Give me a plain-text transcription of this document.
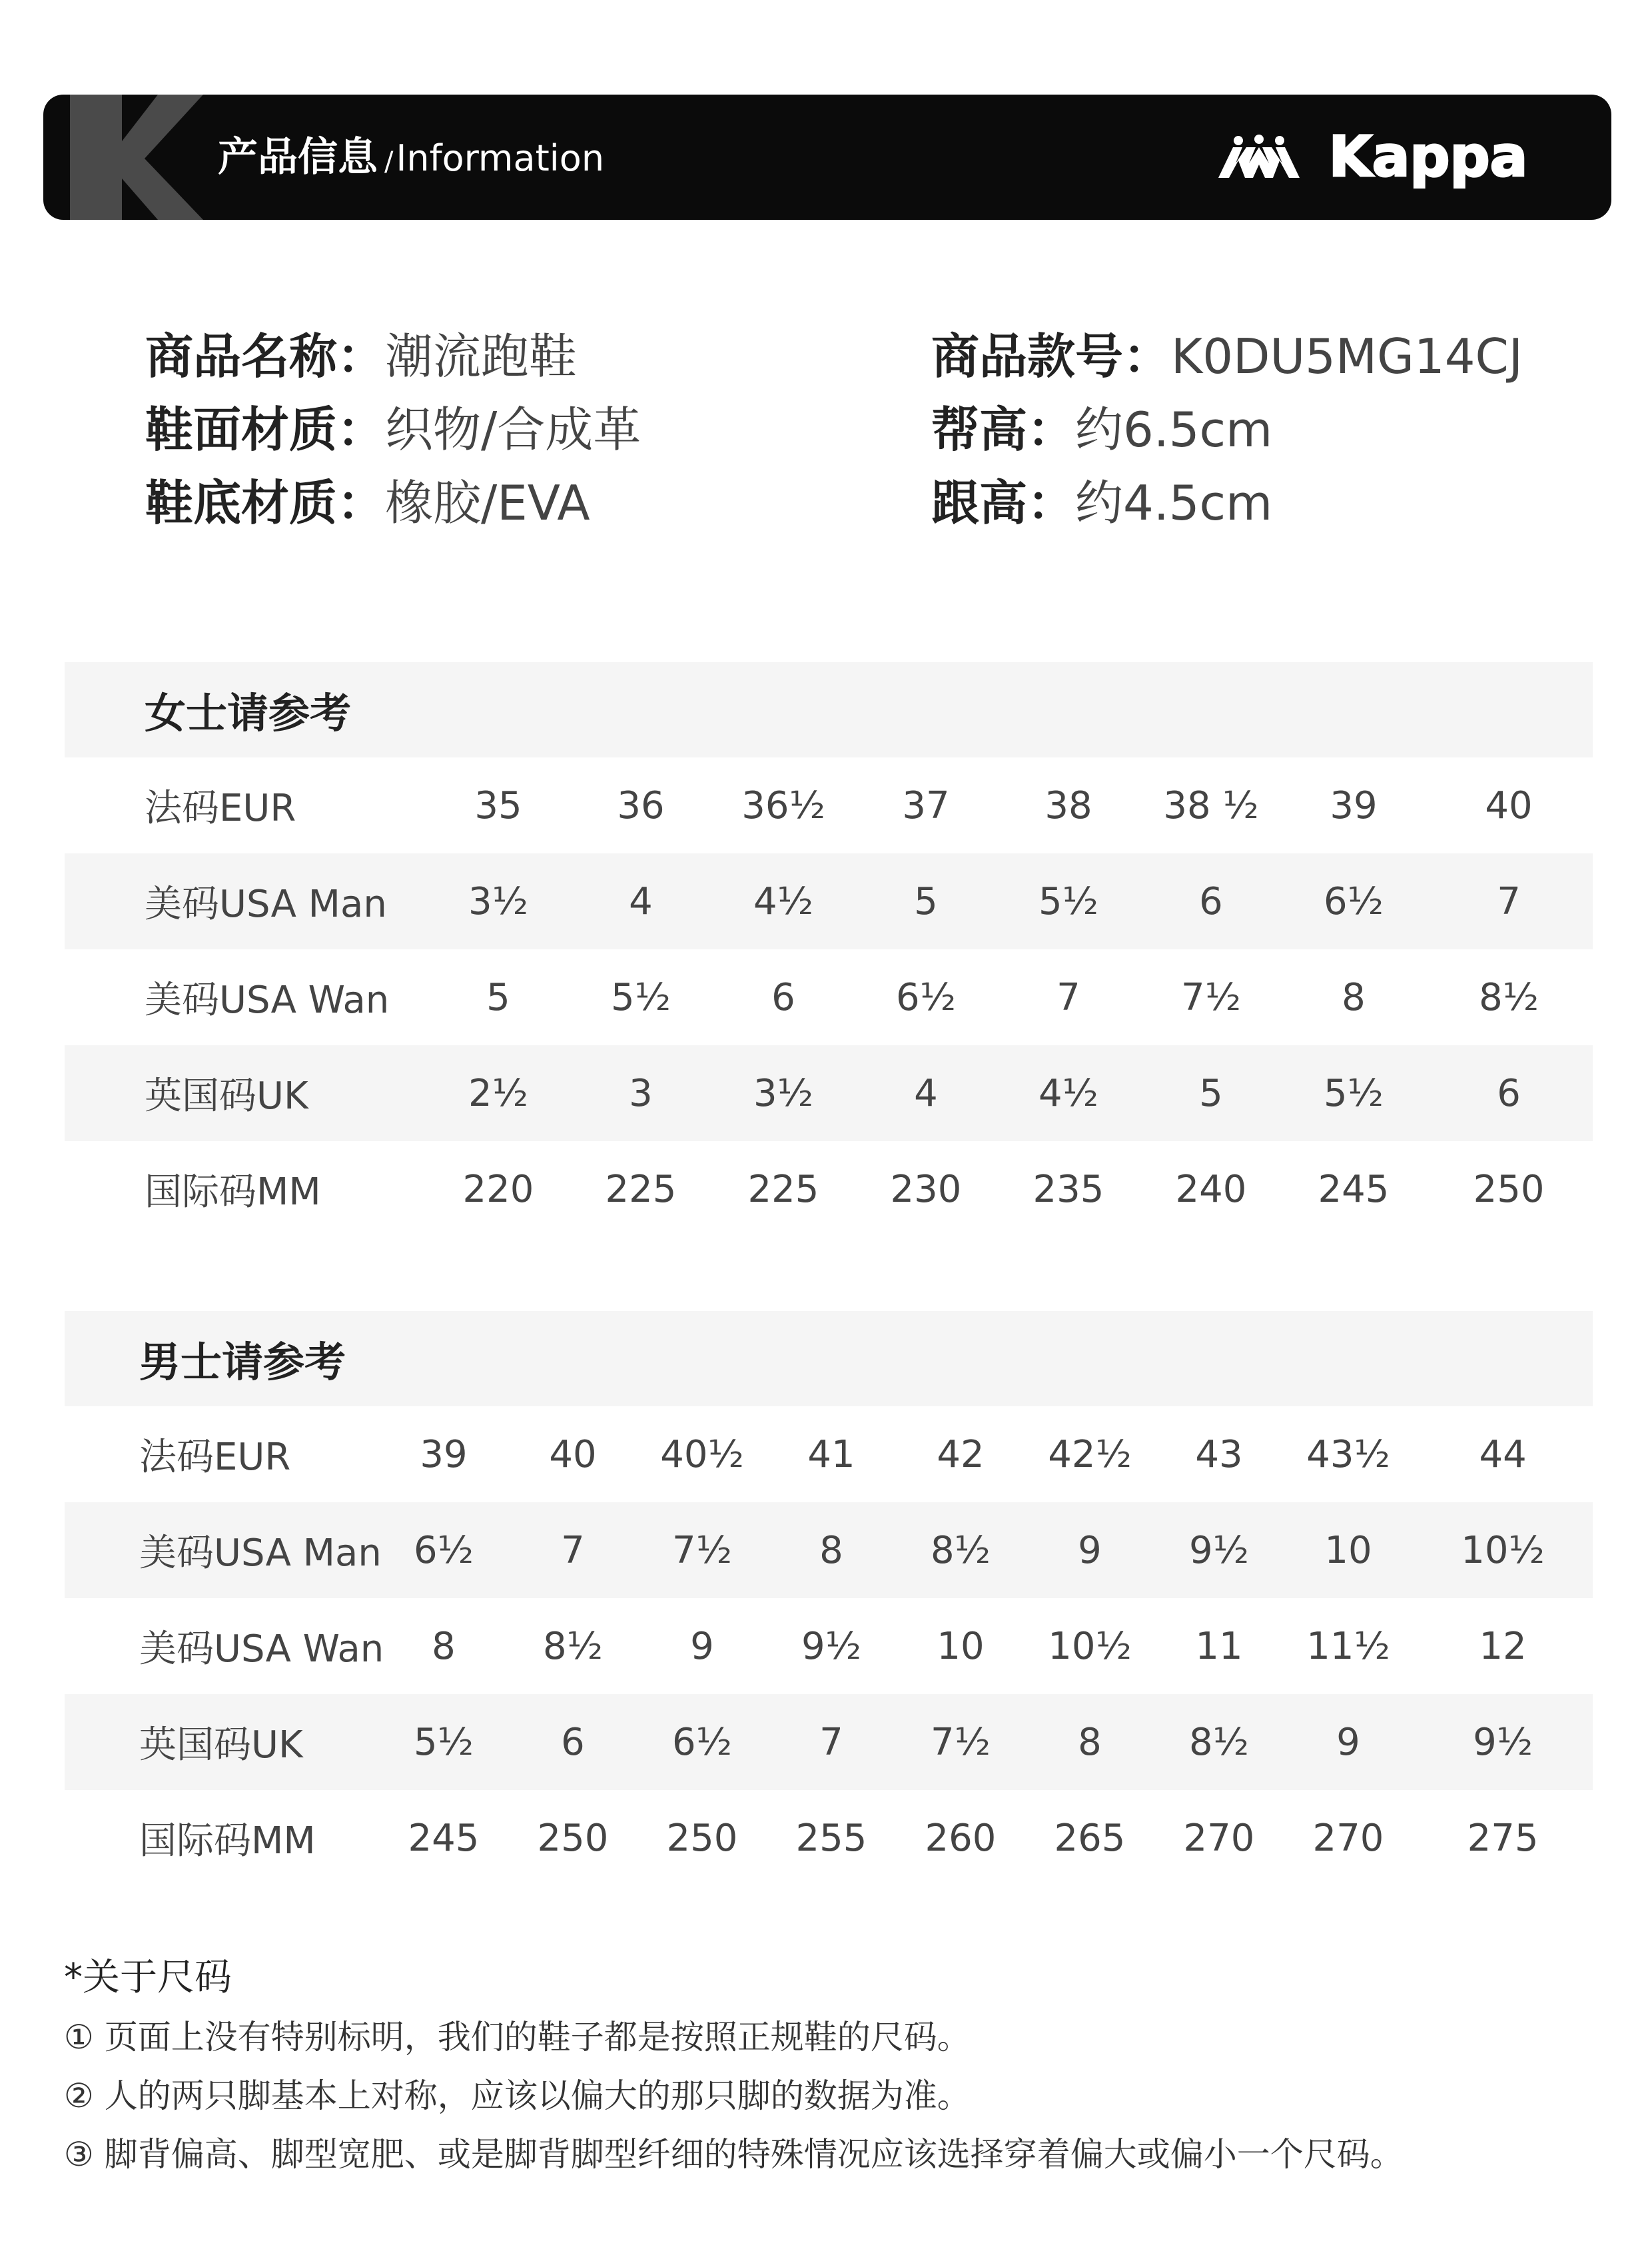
产品信息 /Information	Kappa
商品名称：潮流跑鞋
鞋面材质：织物/合成革
鞋底材质：橡胶/EVA
商品款号：K0DU5MG14CJ
帮高：约6.5cm
跟高：约4.5cm
女士请参考								
法码EUR	35	36	36½	37	38	38 ½	39	40
美码USA Man	3½	4	4½	5	5½	6	6½	7
美码USA Wan	5	5½	6	6½	7	7½	8	8½
英国码UK	2½	3	3½	4	4½	5	5½	6
国际码MM	220	225	225	230	235	240	245	250
男士请参考									
法码EUR	39	40	40½	41	42	42½	43	43½	44
美码USA Man	6½	7	7½	8	8½	9	9½	10	10½
美码USA Wan	8	8½	9	9½	10	10½	11	11½	12
英国码UK	5½	6	6½	7	7½	8	8½	9	9½
国际码MM	245	250	250	255	260	265	270	270	275
*关于尺码
① 页面上没有特别标明，我们的鞋子都是按照正规鞋的尺码。
② 人的两只脚基本上对称，应该以偏大的那只脚的数据为准。
③ 脚背偏高、脚型宽肥、或是脚背脚型纤细的特殊情况应该选择穿着偏大或偏小一个尺码。
